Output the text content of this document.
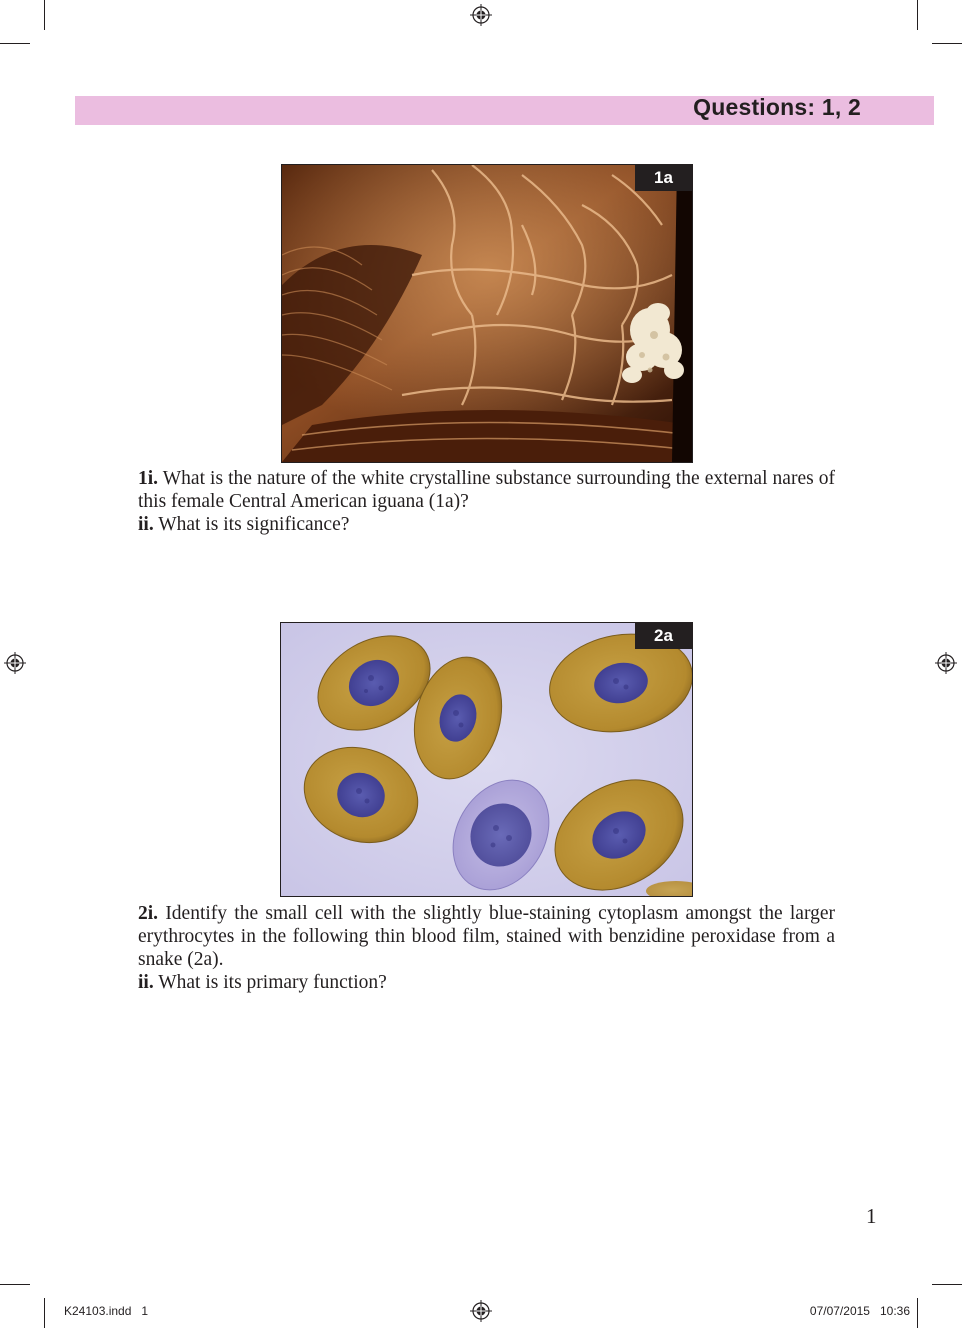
Questions: 1, 2
1a

1i. What is the nature of the white crystalline substance surrounding the external nares of this female Central American iguana (1a)?

ii. What is its significance?

2a

2i. Identify the small cell with the slightly blue-staining cytoplasm amongst the larger erythrocytes in the following thin blood film, stained with benzidine peroxidase from a snake (2a).

ii. What is its primary function?

1
K24103.indd   1	07/07/2015   10:36
